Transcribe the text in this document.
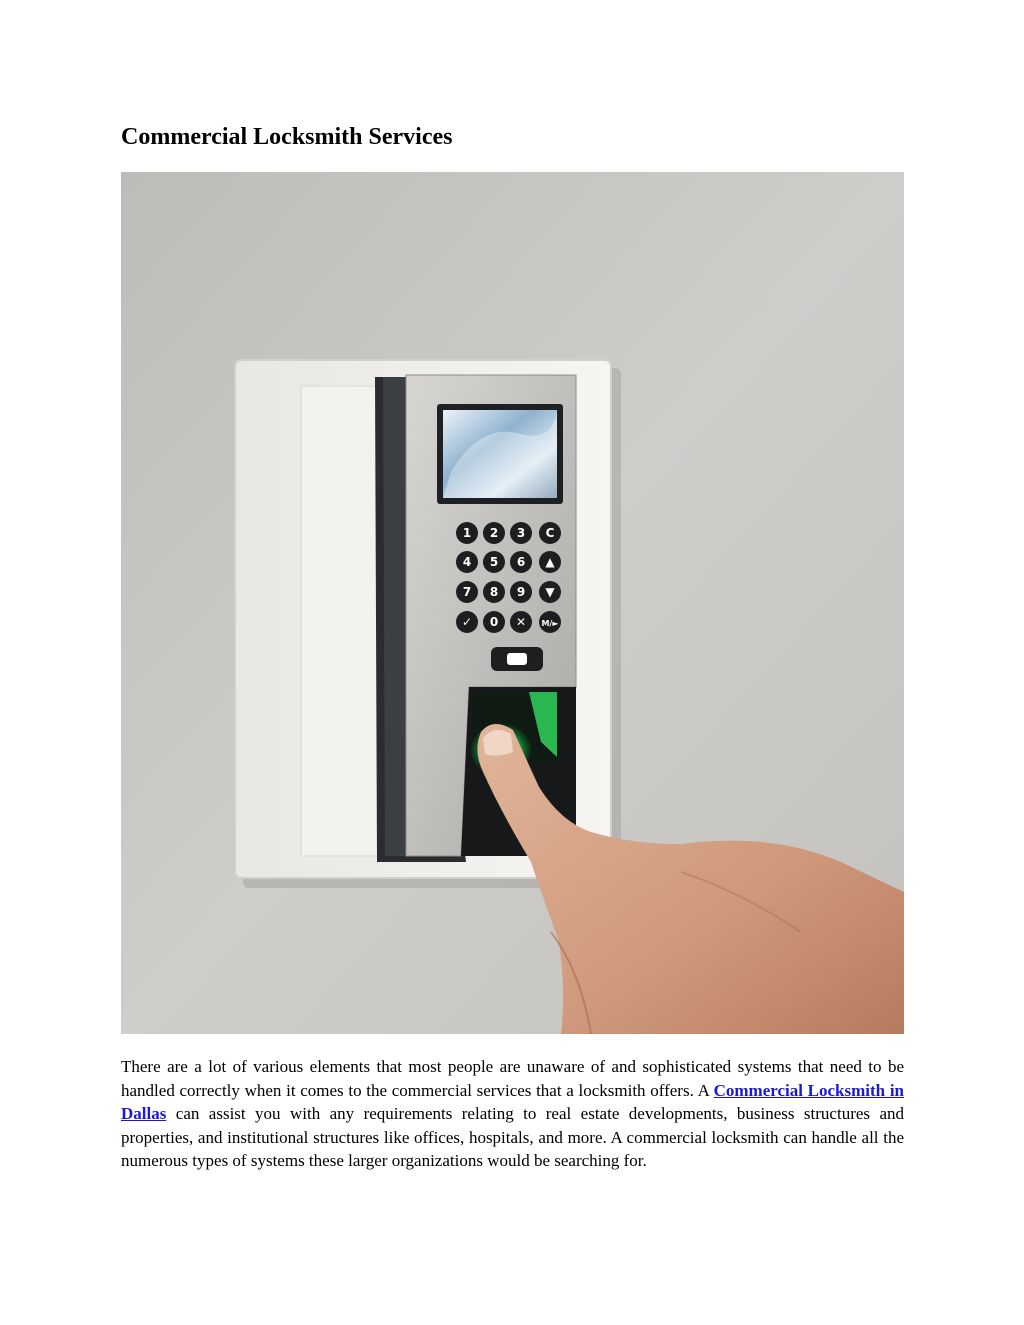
Commercial Locksmith Services
1 2 3 C
4 5 6 ▲
7 8 9 ▼
✓ 0 ✕ M/►

There are a lot of various elements that most people are unaware of and sophisticated systems that need to be handled correctly when it comes to the commercial services that a locksmith offers. A Commercial Locksmith in Dallas can assist you with any requirements relating to real estate developments, business structures and properties, and institutional structures like offices, hospitals, and more. A commercial locksmith can handle all the numerous types of systems these larger organizations would be searching for.
